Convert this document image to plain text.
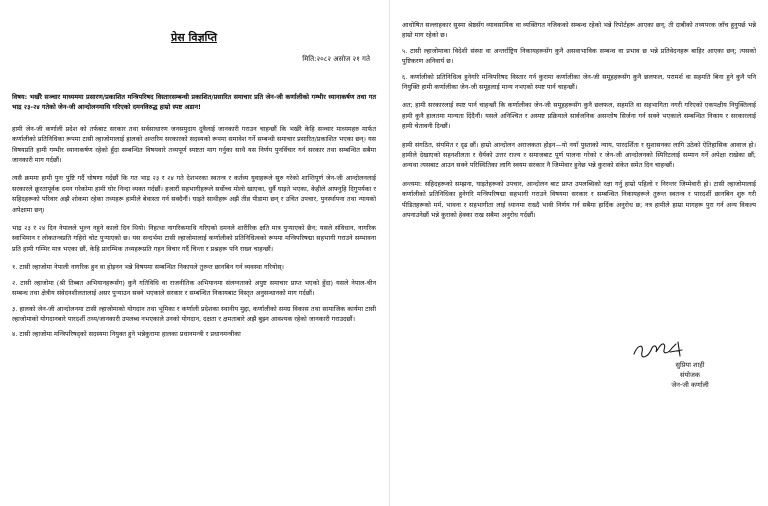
प्रेस विज्ञप्ति
मिति:२०८२ असोज २१ गते

विषय: भर्खरै सञ्चार माध्यममा प्रसारण/प्रकाशित मन्त्रिपरिषद विस्तारसम्बन्धी प्रकाशित/प्रसारित समाचार प्रति जेन-जी कर्णालीको गम्भीर ध्यानाकर्षण तथा गत भाद्र २३-२४ गतेको जेन-जी आन्दोलनमाथि गरिएको दमनविरुद्ध हाम्रो स्पष्ट अडान!

हामी जेन-जी कर्णाली प्रदेश को तर्फबाट सरकार तथा सर्वसाधारण जनसमुदाय दुवैलाई जानकारी गराउन चाहन्छौं कि भर्खरै केहि सञ्चार माध्यमहरु मार्फत कर्णालीको प्रतिनिधिका रूपमा टासी ल्हाजोमालाई हालको अन्तरिम सरकारको सदस्यको रूपमा समावेश गर्ने सम्बन्धी समाचार प्रसारित/प्रकाशित भएका छन्। यस विषयप्रति हामी गम्भीर ध्यानाकर्षण रहेको हुँदा सम्बन्धित विषयवारे तथ्यपूर्ण स्पष्टता माग गर्नुका साथै यस निर्णय पुनर्विचार गर्न सरकार तथा सम्बन्धित सबैमा जानकारी माग गर्दछौं।

त्यसै क्रममा हामी पुनः पुष्टि गर्दै घोषणा गर्दछौं कि गत भाद्र २३ र २४ गते देशभरका स्वतन्त्र र कर्तव्य युवाहरूले सुरु गरेको शान्तिपूर्ण जेन-जी आन्दोलनलाई सरकारले क्रूरतापूर्वक दमन गरेकोमा हामी घोर निन्दा व्यक्त गर्दछौं। हजारौं सहभागीहरूले सर्वोच्च मोलो खाएका, धुर्वै घाइते भएका, केहीले आफ्नुहि दिगुपर्यका र सहिदहरूको परिवार अझै शोकमा रहेका तथ्यहरू हामीले बेवास्ता गर्न सक्दैनौं। घाइते साथीहरू अझै तीव्र पीडामा छन् र उचित उपचार, पुनर्स्थापना तथा न्यायको अपेक्षामा छन्।

भाद्र २३ र २४ दिन नेपालले भुल्न नहुने कालो दिन थियो। निहत्था नागरिकमाथि गरिएको दमनले शारीरिक क्षति मात्र पुऱ्याएको छैन; यसले संविधान, नागरिक स्वाभिमान र लोकतन्त्रप्रति गहिरो चोट पुऱ्याएको छ। यस सन्दर्भमा टासी ल्हाजोमालाई कर्णालीको प्रतिनिधित्वको रूपमा मन्त्रिपरिषद्मा सहभागी गराउने सम्भावना प्रति हामी गम्भिर मात्र भएका छौं, केहि प्रारम्भिक तथ्यहरूप्रति गहन विचार गर्दै चिन्ता र प्रश्नहरू पनि राख्न चाहन्छौं।

१. टासी ल्हाजोमा नेपाली नागरिक हुन वा होइनन भन्ने विषयमा सम्बन्धित निकायले तुरुन्त छानबिन गर्न व्यवस्था गरियोस्।

२. टासी ल्हाजोमा (श्री तिब्बत अभियानहरूसँग) कुनै गतिविधि वा राजनीतिक अभियानमा संलग्नताको अपुष्ट समाचार प्राप्त भएको हुँदा) यसले नेपाल-चीन सम्बन्ध तथा क्षेत्रीय संवेदनशीलतालाई असर पुऱ्याउन सक्ने भएकाले सरकार र सम्बन्धित निकायबाट विस्तृत अनुसन्धानको माग गर्दछौं।

३. हालको जेन-जी आन्दोलनमा टासी ल्हाजोमाको योगदान तथा भूमिका र कर्णाली प्रदेशका स्थानीय मुद्दा, कर्णालीको समग्र विकास तथा सामाजिक कार्यमा टासी ल्हाजोमाको योगदानबारे पारदर्शी तथ्य/जानकारी उपलब्ध नभएकाले उनको योगदान, दक्षता र क्षमताबारे अझै बुझ्न आवश्यक रहेको जानकारी गराउदछौं।

४. टासी ल्हाजोमा मन्त्रिपरिषद्को सदस्यमा नियुक्त हुने भन्नेकुरामा हालका प्रधानमन्त्री र प्रधानमन्त्रीका

आधोषित सल्लाहकार सुस्मा श्रेष्ठसँग व्यावसायिक वा व्यक्तिगत नजिकको सम्बन्ध रहेको भन्ने रिपोर्टहरू आएका छन्; ती दाबीको तथ्यपरक जाँच हुनुपर्छ भन्ने हाम्रो माग रहेको छ।

५. टासी ल्हाजोमाका विदेशी संस्था वा अन्तर्राष्ट्रिय निकायहरूसँग कुनै असवाभाविक सम्बन्ध वा प्रभाव छ भन्ने प्रतिवेदनहरू बाहिर आएका छन्; त्यसको पुष्टिकरण अनिवार्य छ।

६. कर्णालीको प्रतिनिधित्व हुनेगरि मन्त्रिपरिषद विस्तार गर्न कुरामा कर्णालीका जेन-जी समूहहरूसँग कुनै छलफल, परामर्श वा सहमति बिना हुने कुनै पनि नियुक्ति हामी कर्णालीका जेन-जी समूहलाई मान्य नभएको स्पष्ट पार्न चाहन्छौं।

अत; हामी सरकारलाई स्पष्ट पार्न चाहन्छौं कि कर्णालीका जेन-जी समूहहरूसँग कुनै छलफल, सहमति वा सहभागिता नगरी गरिएको एकपक्षीय नियुक्तिलाई हामी कुनै हालतमा मान्यता दिंदैनौं। यसले अनिश्चित र अस्पष्ट प्रक्रियाले सार्वजनिक असन्तोष सिर्जना गर्न सक्ने भएकाले सम्बन्धित निकाय र सरकारलाई हामी चेतावनी दिन्छौं।

हामी संगठित, संयमित र दृढ छौं। हाम्रो आन्दोलन अराजकता होइन—यो नयाँ पुस्ताको न्याय, पारदर्शिता र सुशासनका लागि उठेको ऐतिहासिक आवाज हो। हामीले देखाएको सहनशीलता र धैर्यको उत्तर राज्य र समाजबाट पूर्ण पालना गरेको र जेन-जी आन्दोलनको स्पिरिटलाई सम्मान गर्ने अपेक्षा राखेका छौं; अन्यथा त्यसबाट आउन सक्ने परिस्थितिका लागि स्वयम सरकार नै जिम्मेवार हुनेछ भन्ने कुराको संकेत समेत दिन चाहन्छौं।

अन्त्यमा: सहिदहरूको सम्झना, घाइतेहरूको उपचार, आन्दोलन बाट प्राप्त उपलब्धिको रक्षा गर्नु हाम्रो पहिलो र निरन्तर जिम्मेवारी हो। टासी ल्हाजोमालाई कर्णालीको प्रतिनिधिका हुनेगरि मन्त्रिपरिषद्मा सहभागी गराउने विषयमा सरकार र सम्बन्धित निकायहरूले तुरुन्त स्वतन्त्र र पारदर्शी छानबिन शुरु गरी पीडितहरूको मर्म, भावना र सहभागीता लाई ध्यानमा राख्दै भावी निर्णय गर्न सबैमा हार्दिक अनुरोध छ; नत्र हामीले हाम्रा मागहरू पुरा गर्न अन्य विकल्प अपनाउनेछौं भन्ने कुराको हेक्का राख सबैमा अनुरोध गर्दछौं।

सुप्रिया शाही
संयोजक
जेन-जी कर्णाली
